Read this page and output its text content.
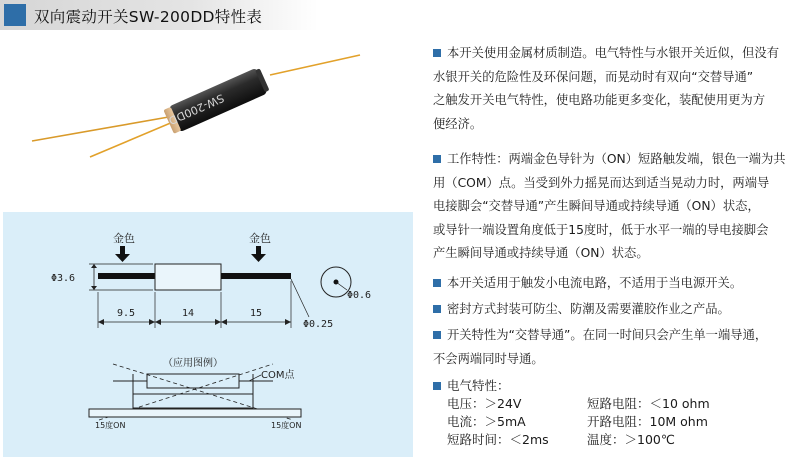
双向震动开关SW-200DD特性表
SW-200DD
金色	金色
Φ3.6
Φ0.6
Φ0.25
9.5	14	15
（应用图例）
COM点
15度ON	15度ON
本开关使用金属材质制造。电气特性与水银开关近似，但没有
水银开关的危险性及环保问题，而晃动时有双向“交替导通”
之触发开关电气特性，使电路功能更多变化，装配使用更为方
便经济。
工作特性：两端金色导针为（ON）短路触发端，银色一端为共
用（COM）点。当受到外力摇晃而达到适当晃动力时，两端导
电接脚会“交替导通”产生瞬间导通或持续导通（ON）状态，
或导针一端设置角度低于15度时，低于水平一端的导电接脚会
产生瞬间导通或持续导通（ON）状态。
本开关适用于触发小电流电路，不适用于当电源开关。
密封方式封装可防尘、防潮及需要灌胶作业之产品。
开关特性为“交替导通”。在同一时间只会产生单一端导通，
不会两端同时导通。
电气特性：
电压：＞24V	短路电阻：＜10 ohm
电流：＞5mA	开路电阻：10M ohm
短路时间：＜2ms	温度：＞100℃
